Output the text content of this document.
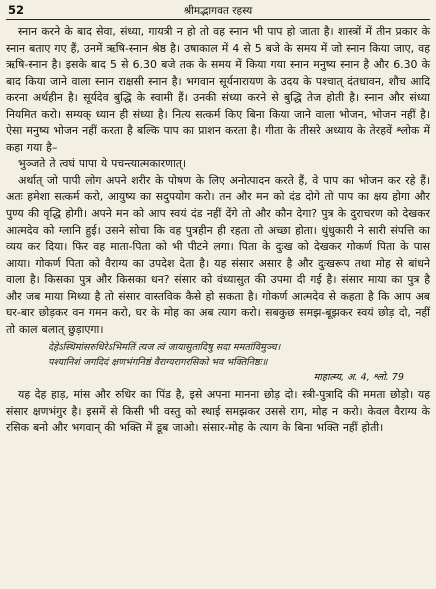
52	श्रीमद्भागवत रहस्य

स्नान करने के बाद सेवा, संध्या, गायत्री न हो तो वह स्नान भी पाप हो जाता है। शास्त्रों में तीन प्रकार के स्नान बताए गए हैं, उनमें ऋषि-स्नान श्रेष्ठ है। उषाकाल में 4 से 5 बजे के समय में जो स्नान किया जाए, वह ऋषि-स्नान है। इसके बाद 5 से 6.30 बजे तक के समय में किया गया स्नान मनुष्य स्नान है और 6.30 के बाद किया जाने वाला स्नान राक्षसी स्नान है। भगवान सूर्यनारायण के उदय के पश्चात् दंतधावन, शौच आदि करना अर्थहीन है। सूर्यदेव बुद्धि के स्वामी हैं। उनकी संध्या करने से बुद्धि तेज होती है। स्नान और संध्या नियमित करो। सम्यक् ध्यान ही संध्या है। नित्य सत्कर्म किए बिना किया जाने वाला भोजन, भोजन नहीं है। ऐसा मनुष्य भोजन नहीं करता है बल्कि पाप का प्राशन करता है। गीता के तीसरे अध्याय के तेरहवें श्लोक में कहा गया है–

भुञ्जते ते त्वघं पापा ये पचन्त्यात्मकारणात्।

अर्थात् जो पापी लोग अपने शरीर के पोषण के लिए अनोत्पादन करते हैं, वे पाप का भोजन कर रहे हैं। अतः हमेशा सत्कर्म करो, आयुष्य का सदुपयोग करो। तन और मन को दंड दोगे तो पाप का क्षय होगा और पुण्य की वृद्धि होगी। अपने मन को आप स्वयं दंड नहीं देंगे तो और कौन देगा? पुत्र के दुराचरण को देखकर आत्मदेव को ग्लानि हुई। उसने सोचा कि वह पुत्रहीन ही रहता तो अच्छा होता। धुंधुकारी ने सारी संपत्ति का व्यय कर दिया। फिर वह माता-पिता को भी पीटने लगा। पिता के दुःख को देखकर गोकर्ण पिता के पास आया। गोकर्ण पिता को वैराग्य का उपदेश देता है। यह संसार असार है और दुःखरूप तथा मोह से बांधने वाला है। किसका पुत्र और किसका धन? संसार को वंध्यासुत की उपमा दी गई है। संसार माया का पुत्र है और जब माया मिथ्या है तो संसार वास्तविक कैसे हो सकता है। गोकर्ण आत्मदेव से कहता है कि आप अब घर-बार छोड़कर वन गमन करो, घर के मोह का अब त्याग करो। सबकुछ समझ-बूझकर स्वयं छोड़ दो, नहीं तो काल बलात् छुड़ाएगा।

देहेऽस्थिमांसरुधिरेऽभिमतिं त्यज त्वं जायासुतादिषु सदा ममतांविमुञ्च।
पश्यानिशं जगदिदं क्षणभंगनिष्ठं वैराग्यरागरसिको भव भक्तिनिष्ठः॥
माहात्म्य, अ. 4, श्लो. 79

यह देह हाड़, मांस और रुधिर का पिंड है, इसे अपना मानना छोड़ दो। स्त्री-पुत्रादि की ममता छोड़ो। यह संसार क्षणभंगुर है। इसमें से किसी भी वस्तु को स्थाई समझकर उससे राग, मोह न करो। केवल वैराग्य के रसिक बनो और भगवान् की भक्ति में डूब जाओ। संसार-मोह के त्याग के बिना भक्ति नहीं होती।
